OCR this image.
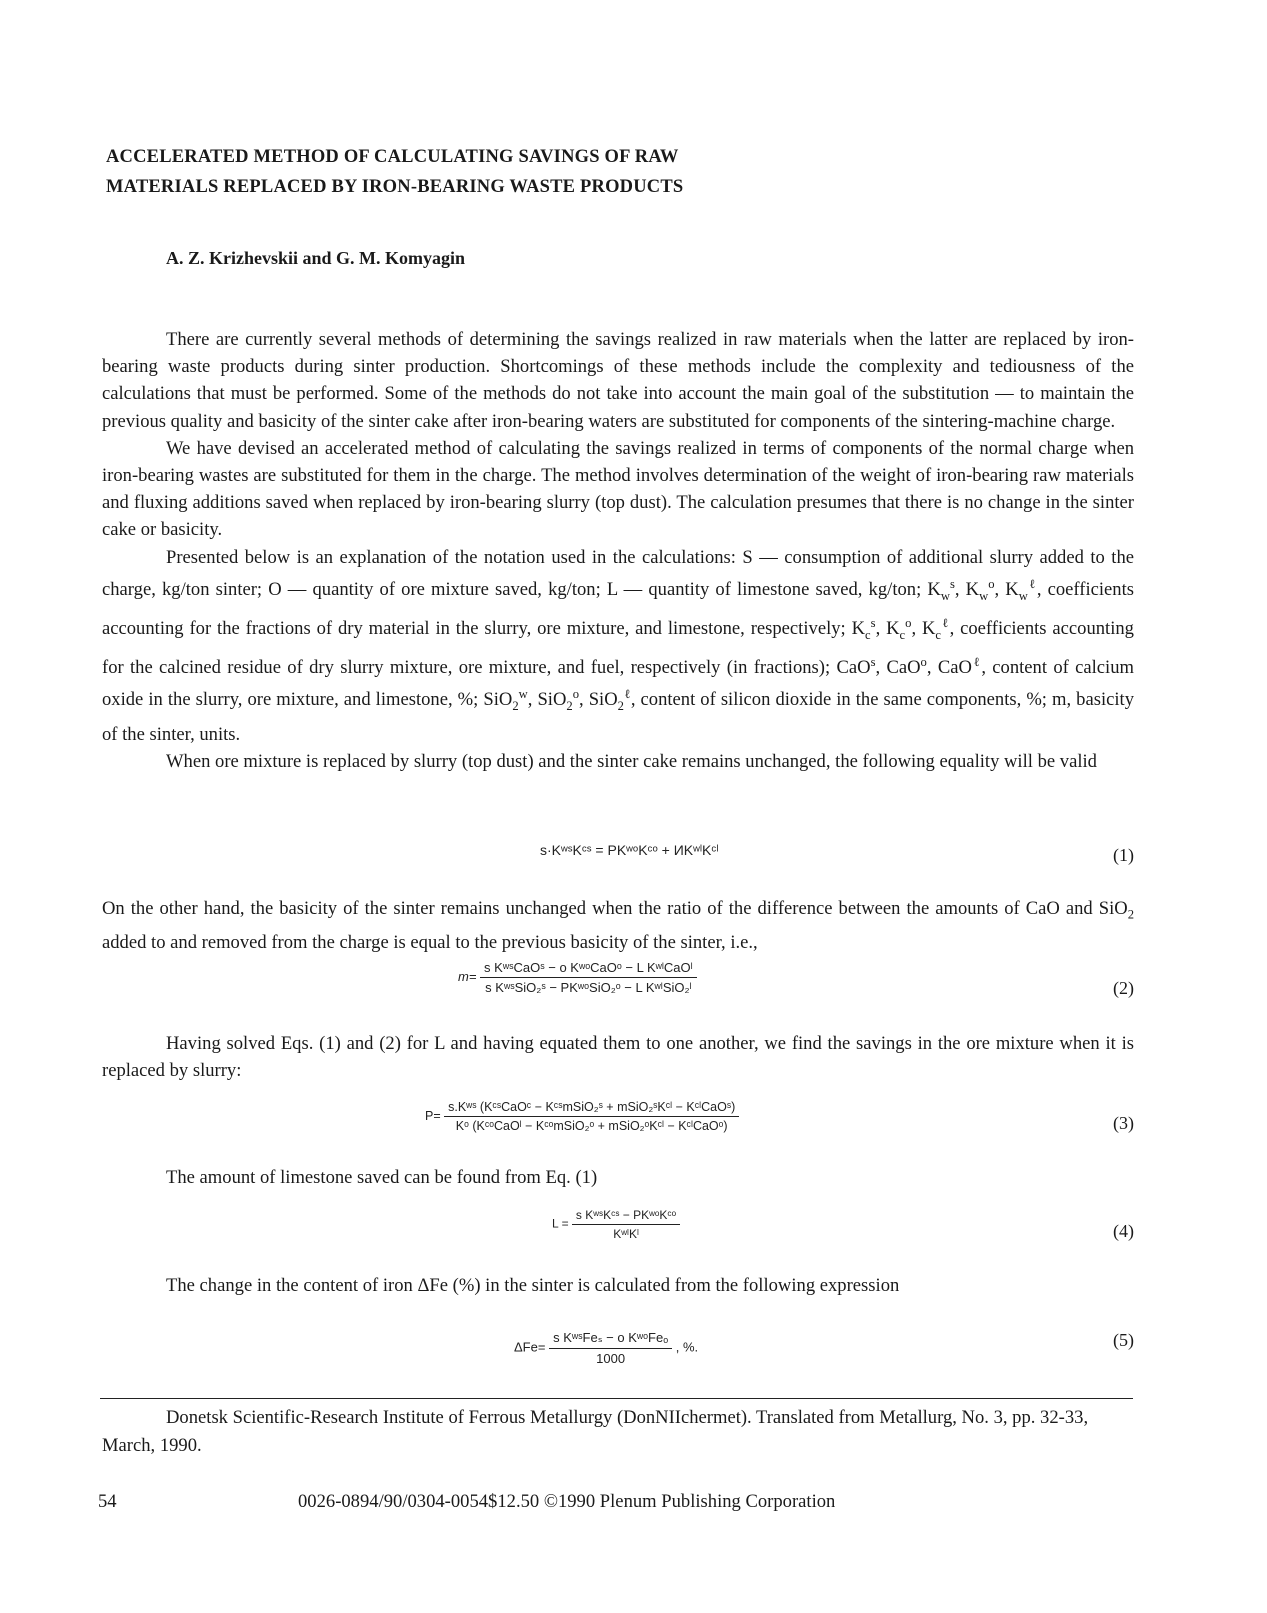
ACCELERATED METHOD OF CALCULATING SAVINGS OF RAW
MATERIALS REPLACED BY IRON-BEARING WASTE PRODUCTS
A. Z. Krizhevskii and G. M. Komyagin

There are currently several methods of determining the savings realized in raw materials when the latter are replaced by iron-bearing waste products during sinter production. Shortcomings of these methods include the complexity and tediousness of the calculations that must be performed. Some of the methods do not take into account the main goal of the substitution — to maintain the previous quality and basicity of the sinter cake after iron-bearing waters are substituted for components of the sintering-machine charge.

We have devised an accelerated method of calculating the savings realized in terms of components of the normal charge when iron-bearing wastes are substituted for them in the charge. The method involves determination of the weight of iron-bearing raw materials and fluxing additions saved when replaced by iron-bearing slurry (top dust). The calculation presumes that there is no change in the sinter cake or basicity.

Presented below is an explanation of the notation used in the calculations: S — consumption of additional slurry added to the charge, kg/ton sinter; O — quantity of ore mixture saved, kg/ton; L — quantity of limestone saved, kg/ton; $K_w^s$, $K_w^o$, $K_w^\ell$, coefficients accounting for the fractions of dry material in the slurry, ore mixture, and limestone, respectively; $K_c^s$, $K_c^o$, $K_c^\ell$, coefficients accounting for the calcined residue of dry slurry mixture, ore mixture, and fuel, respectively (in fractions); CaO$^s$, CaO$^o$, CaO$^\ell$, content of calcium oxide in the slurry, ore mixture, and limestone, %; SiO$_2^w$, SiO$_2^o$, SiO$_2^\ell$, content of silicon dioxide in the same components, %; m, basicity of the sinter, units.

When ore mixture is replaced by slurry (top dust) and the sinter cake remains unchanged, the following equality will be valid

s·KʷˢKᶜˢ = PKʷᵒKᶜᵒ + ИKʷˡKᶜˡ	(1)

On the other hand, the basicity of the sinter remains unchanged when the ratio of the difference between the amounts of CaO and SiO$_2$ added to and removed from the charge is equal to the previous basicity of the sinter, i.e.,

$m= \frac{\text{s KʷˢCaOˢ − o KʷᵒCaOᵒ − L KʷˡCaOˡ}}{\text{s KʷˢSiO₂ˢ − PKʷᵒSiO₂ᵒ − L KʷˡSiO₂ˡ}}$	(2)

Having solved Eqs. (1) and (2) for L and having equated them to one another, we find the savings in the ore mixture when it is replaced by slurry:

$P= \frac{\text{s.Kʷˢ (KᶜˢCaOᶜ − KᶜˢmSiO₂ˢ + mSiO₂ˢKᶜˡ − KᶜˡCaOˢ)}}{\text{Kᵒ (KᶜᵒCaOˡ − KᶜᵒmSiO₂ᵒ + mSiO₂ᵒKᶜˡ − KᶜˡCaOᵒ)}}$	(3)

The amount of limestone saved can be found from Eq. (1)

$L = \frac{\text{s KʷˢKᶜˢ − PKʷᵒKᶜᵒ}}{\text{KʷˡKˡ}}$	(4)

The change in the content of iron ΔFe (%) in the sinter is calculated from the following expression

$\Delta Fe= \frac{\text{s KʷˢFeₛ − o KʷᵒFeₒ}}{1000}$ , %.	(5)

Donetsk Scientific-Research Institute of Ferrous Metallurgy (DonNIIchermet). Translated from Metallurg, No. 3, pp. 32-33, March, 1990.

54	0026-0894/90/0304-0054$12.50 ©1990 Plenum Publishing Corporation
